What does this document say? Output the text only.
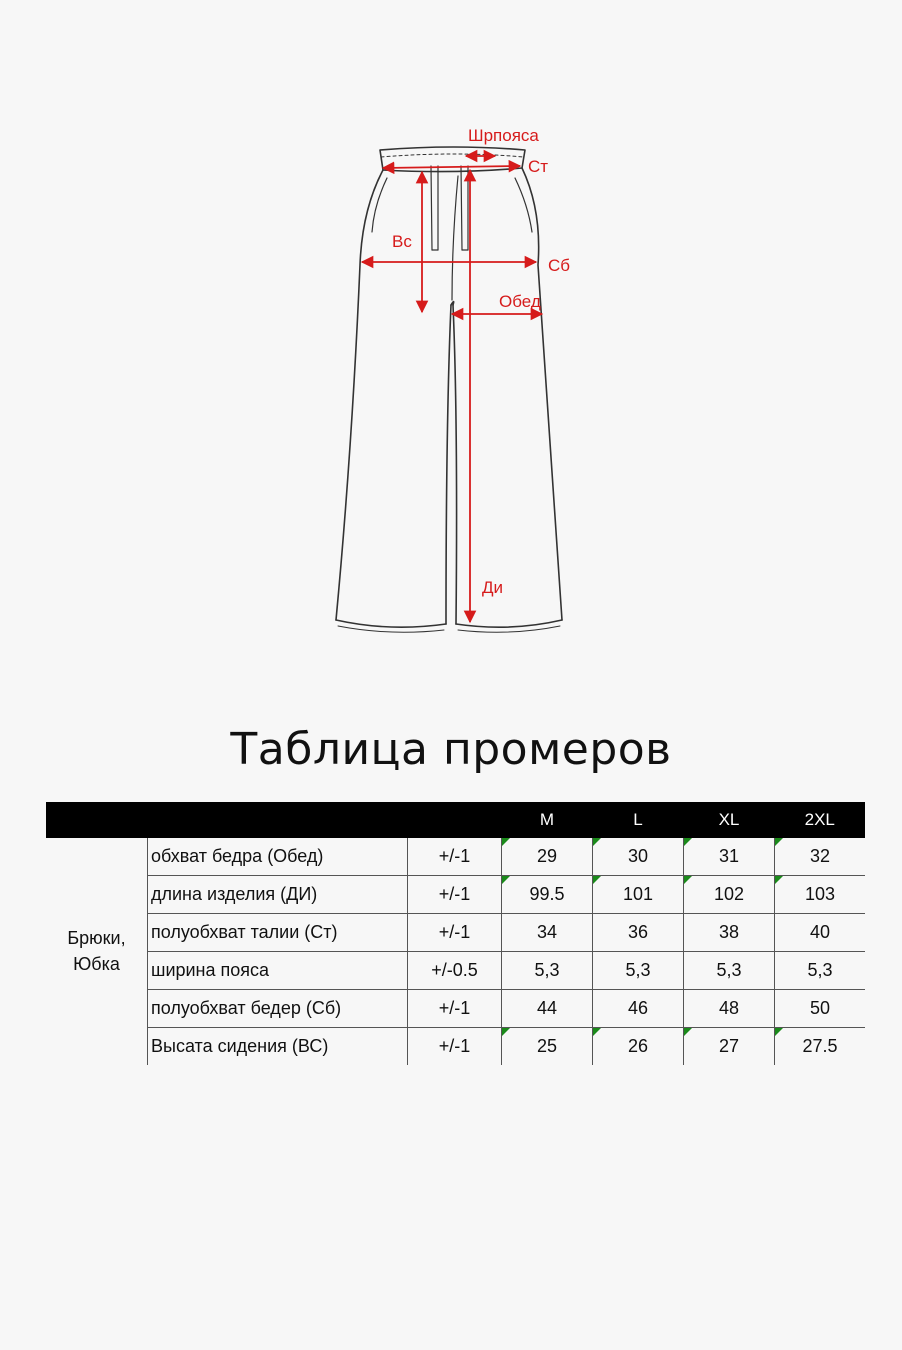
Шрпояса
Ст
Вс
Сб
Обед
Ди
Таблица промеров
			M	L	XL	2XL
Брюки,
Юбка	обхват бедра (Обед)	+/-1	29	30	31	32
	длина изделия (ДИ)	+/-1	99.5	101	102	103
	полуобхват талии (Ст)	+/-1	34	36	38	40
	ширина пояса	+/-0.5	5,3	5,3	5,3	5,3
	полуобхват бедер (Сб)	+/-1	44	46	48	50
	Высата сидения (ВС)	+/-1	25	26	27	27.5
